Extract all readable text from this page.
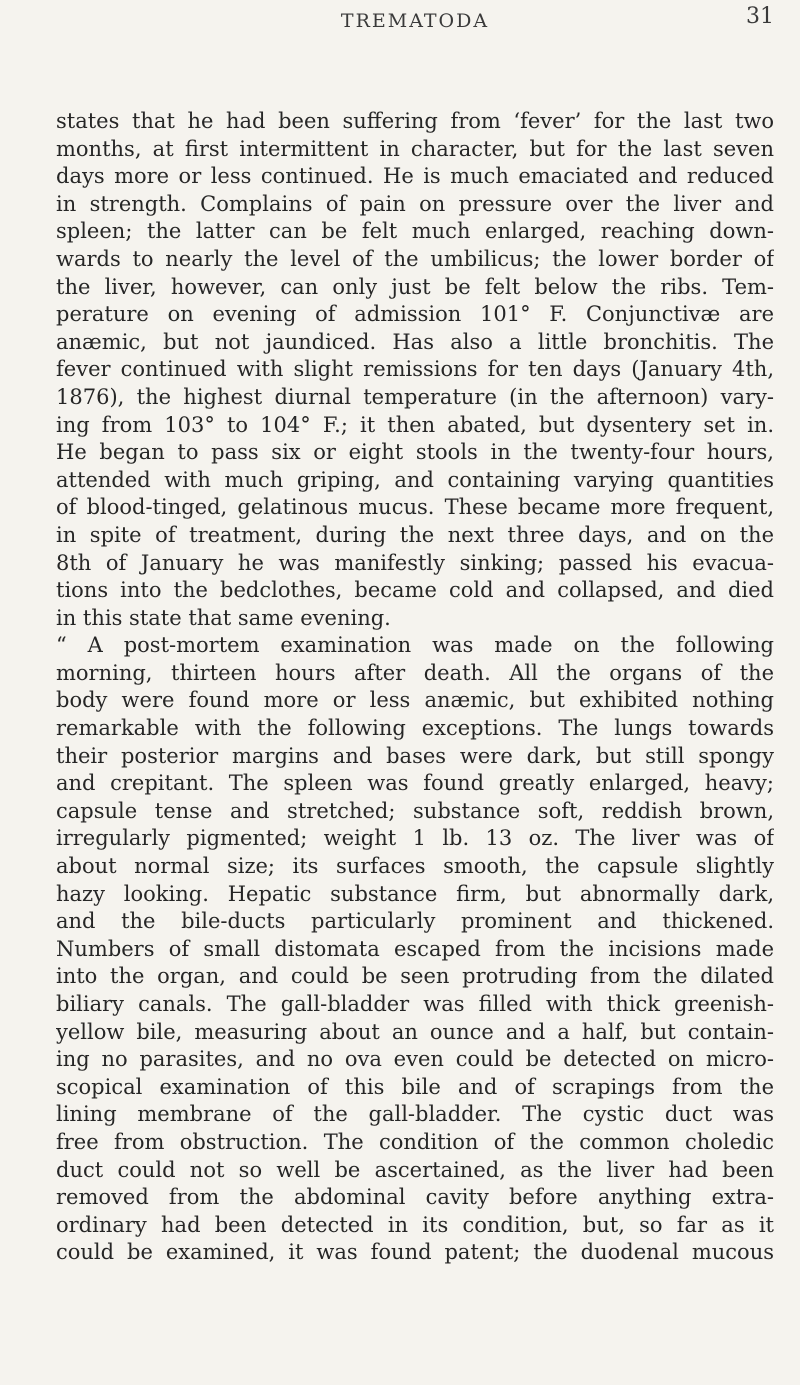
TREMATODA	31
states that he had been suffering from ‘fever’ for the last two
months, at first intermittent in character, but for the last seven
days more or less continued. He is much emaciated and reduced
in strength. Complains of pain on pressure over the liver and
spleen; the latter can be felt much enlarged, reaching down-
wards to nearly the level of the umbilicus; the lower border of
the liver, however, can only just be felt below the ribs. Tem-
perature on evening of admission 101° F. Conjunctivæ are
anæmic, but not jaundiced. Has also a little bronchitis. The
fever continued with slight remissions for ten days (January 4th,
1876), the highest diurnal temperature (in the afternoon) vary-
ing from 103° to 104° F.; it then abated, but dysentery set in.
He began to pass six or eight stools in the twenty-four hours,
attended with much griping, and containing varying quantities
of blood-tinged, gelatinous mucus. These became more frequent,
in spite of treatment, during the next three days, and on the
8th of January he was manifestly sinking; passed his evacua-
tions into the bedclothes, became cold and collapsed, and died
in this state that same evening.
“ A post-mortem examination was made on the following
morning, thirteen hours after death. All the organs of the
body were found more or less anæmic, but exhibited nothing
remarkable with the following exceptions. The lungs towards
their posterior margins and bases were dark, but still spongy
and crepitant. The spleen was found greatly enlarged, heavy;
capsule tense and stretched; substance soft, reddish brown,
irregularly pigmented; weight 1 lb. 13 oz. The liver was of
about normal size; its surfaces smooth, the capsule slightly
hazy looking. Hepatic substance firm, but abnormally dark,
and the bile-ducts particularly prominent and thickened.
Numbers of small distomata escaped from the incisions made
into the organ, and could be seen protruding from the dilated
biliary canals. The gall-bladder was filled with thick greenish-
yellow bile, measuring about an ounce and a half, but contain-
ing no parasites, and no ova even could be detected on micro-
scopical examination of this bile and of scrapings from the
lining membrane of the gall-bladder. The cystic duct was
free from obstruction. The condition of the common choledic
duct could not so well be ascertained, as the liver had been
removed from the abdominal cavity before anything extra-
ordinary had been detected in its condition, but, so far as it
could be examined, it was found patent; the duodenal mucous
